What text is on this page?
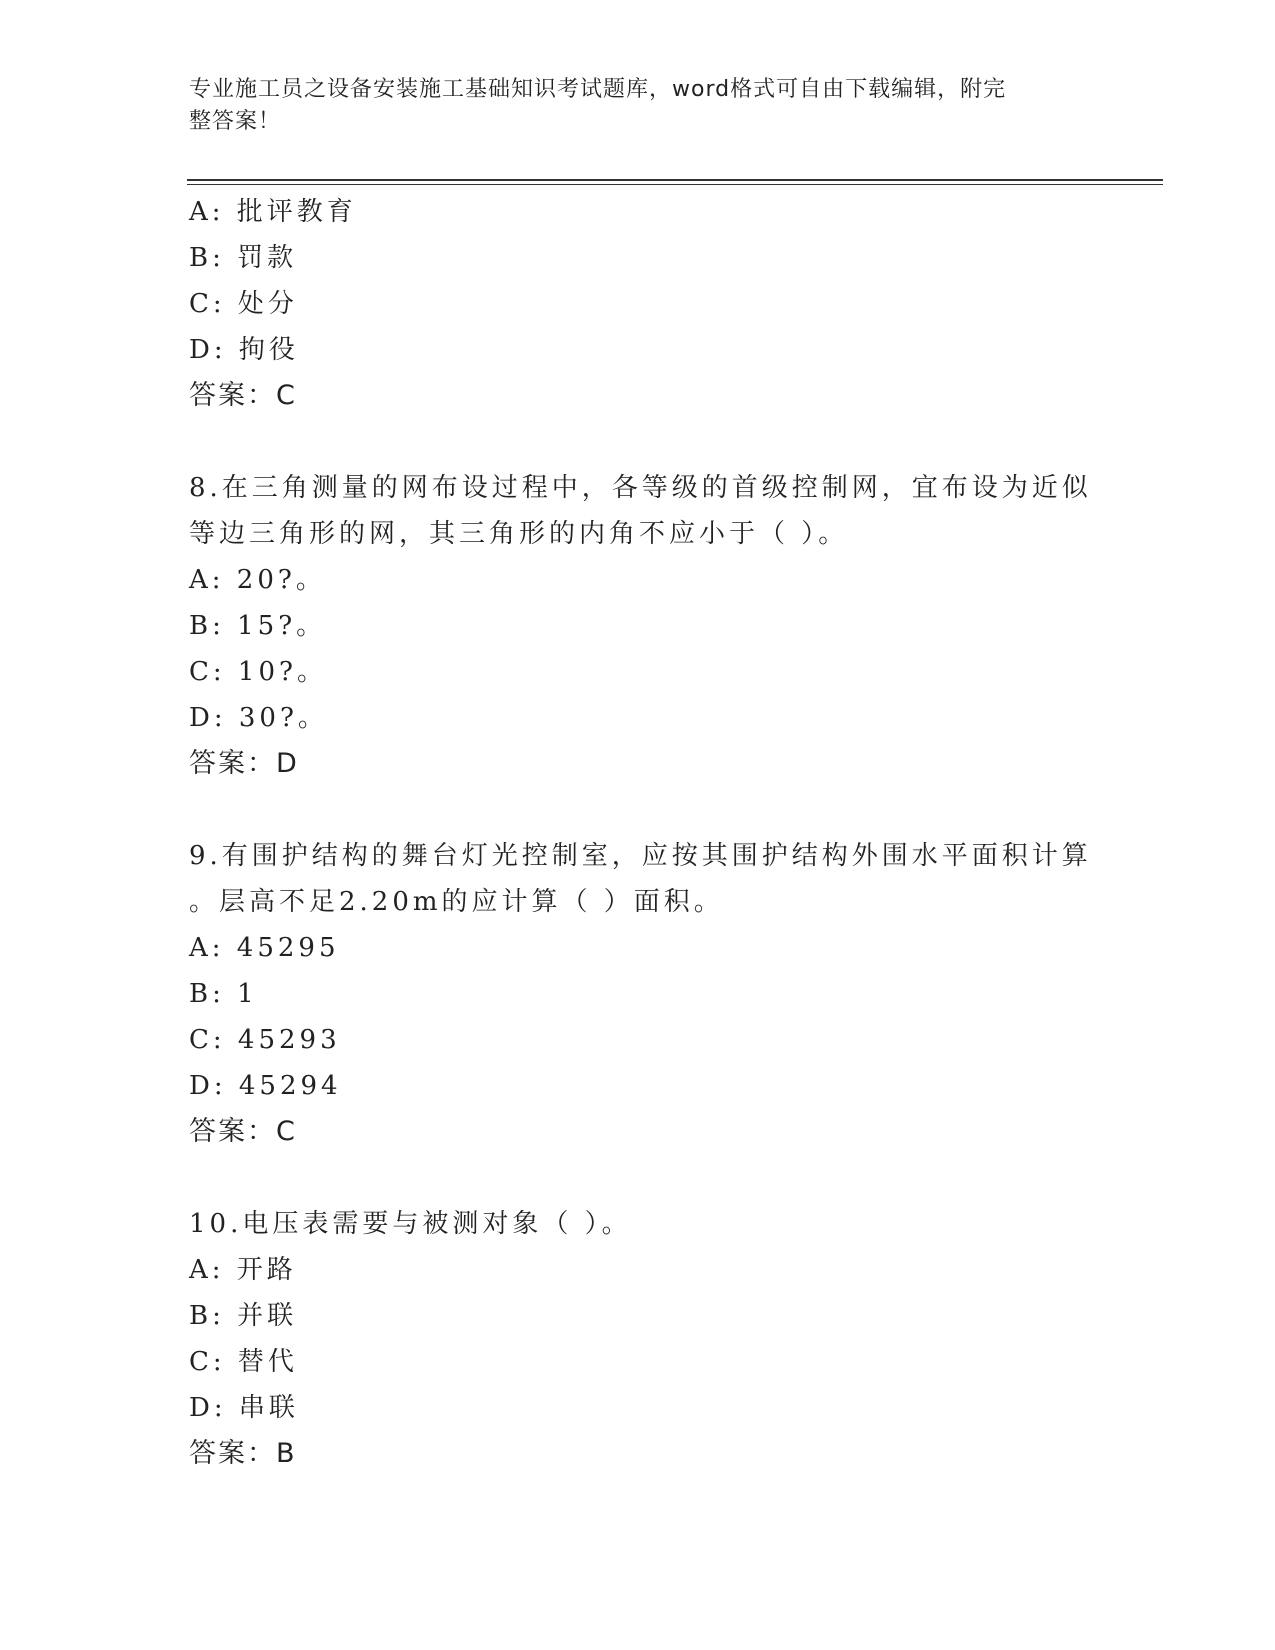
专业施工员之设备安装施工基础知识考试题库，word格式可自由下载编辑，附完
整答案！
A: 批评教育
B: 罚款
C: 处分
D: 拘役
答案：C
8.在三角测量的网布设过程中，各等级的首级控制网，宜布设为近似
等边三角形的网，其三角形的内角不应小于（ ）。
A: 20?。
B: 15?。
C: 10?。
D: 30?。
答案：D
9.有围护结构的舞台灯光控制室，应按其围护结构外围水平面积计算
。层高不足2.20m的应计算（ ）面积。
A: 45295
B: 1
C: 45293
D: 45294
答案：C
10.电压表需要与被测对象（ ）。
A: 开路
B: 并联
C: 替代
D: 串联
答案：B
